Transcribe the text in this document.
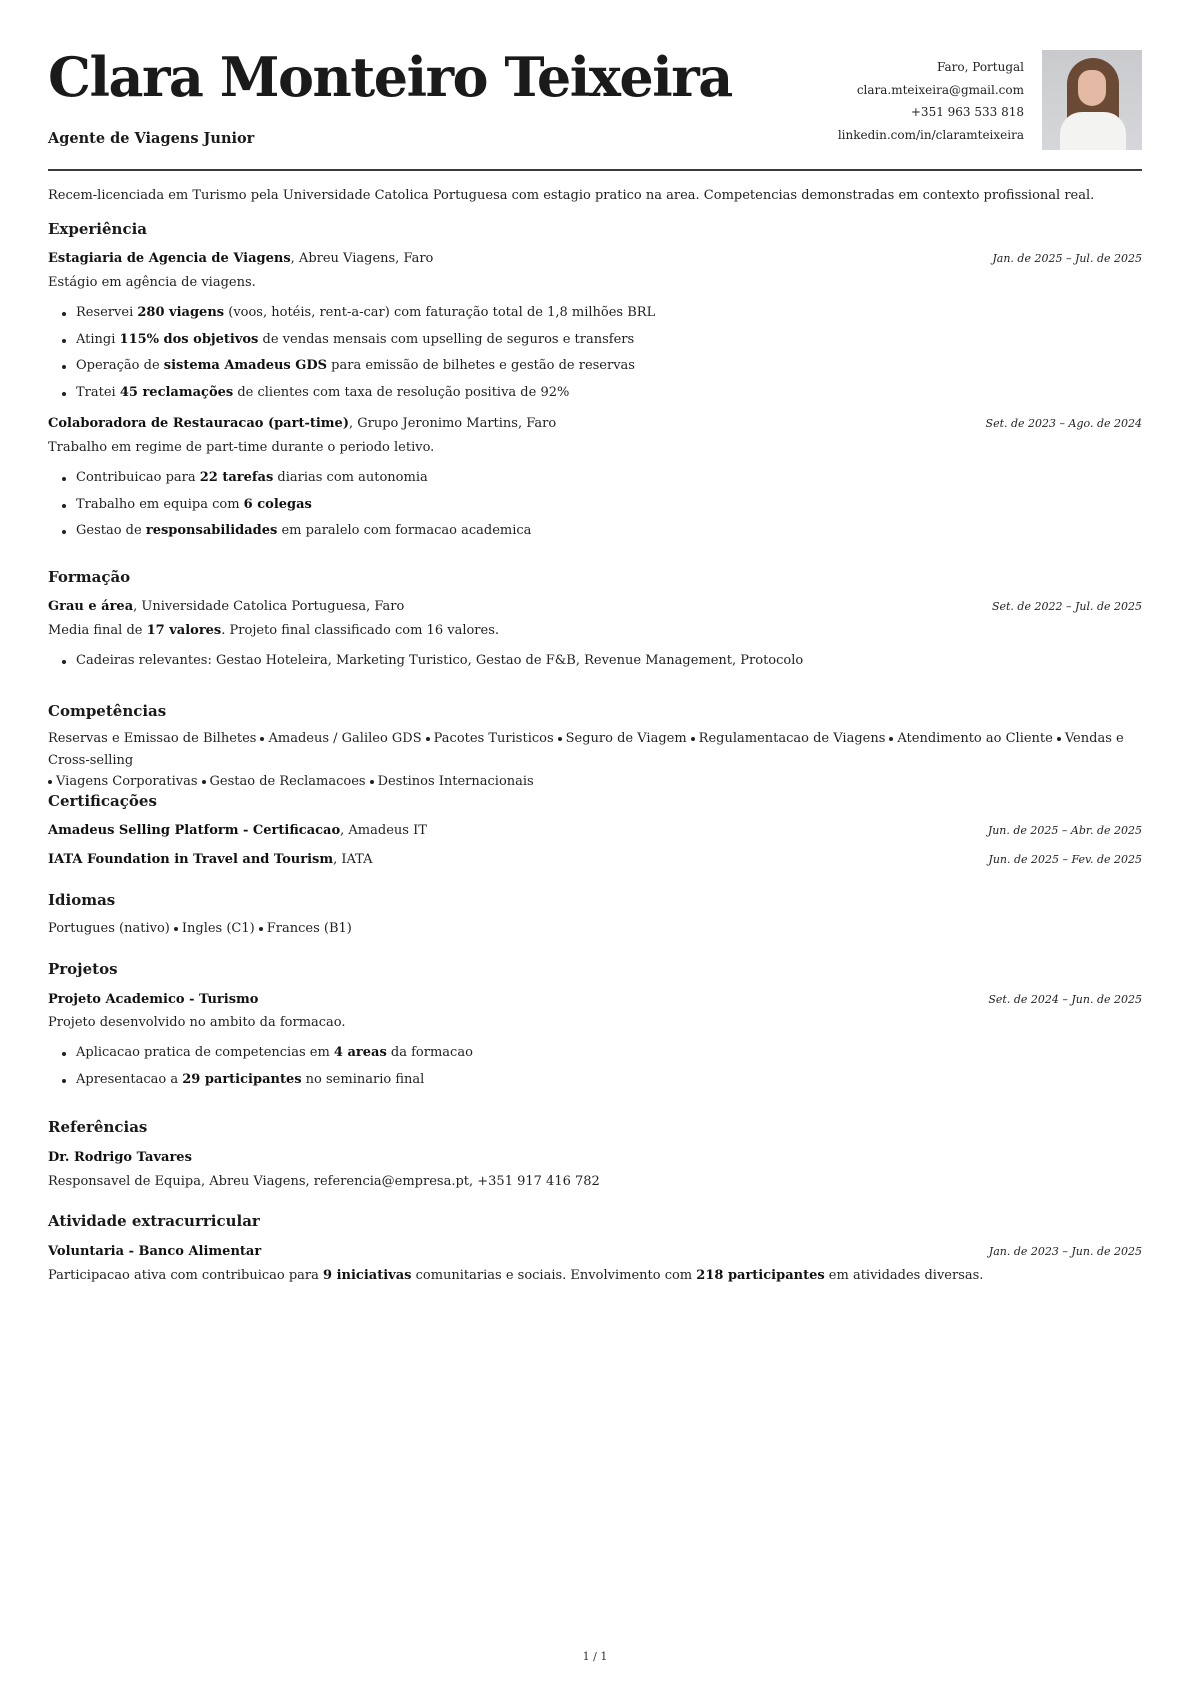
Clara Monteiro Teixeira
Agente de Viagens Junior
Faro, Portugal
clara.mteixeira@gmail.com
+351 963 533 818
linkedin.com/in/claramteixeira
Recem-licenciada em Turismo pela Universidade Catolica Portuguesa com estagio pratico na area. Competencias demonstradas em contexto profissional real.
Experiência
Estagiaria de Agencia de Viagens, Abreu Viagens, Faro	Jan. de 2025 – Jul. de 2025
Estágio em agência de viagens.
Reservei 280 viagens (voos, hotéis, rent-a-car) com faturação total de 1,8 milhões BRL
Atingi 115% dos objetivos de vendas mensais com upselling de seguros e transfers
Operação de sistema Amadeus GDS para emissão de bilhetes e gestão de reservas
Tratei 45 reclamações de clientes com taxa de resolução positiva de 92%
Colaboradora de Restauracao (part-time), Grupo Jeronimo Martins, Faro	Set. de 2023 – Ago. de 2024
Trabalho em regime de part-time durante o periodo letivo.
Contribuicao para 22 tarefas diarias com autonomia
Trabalho em equipa com 6 colegas
Gestao de responsabilidades em paralelo com formacao academica
Formação
Grau e área, Universidade Catolica Portuguesa, Faro	Set. de 2022 – Jul. de 2025
Media final de 17 valores. Projeto final classificado com 16 valores.
Cadeiras relevantes: Gestao Hoteleira, Marketing Turistico, Gestao de F&B, Revenue Management, Protocolo
Competências
Reservas e Emissao de Bilhetes Amadeus / Galileo GDS Pacotes Turisticos Seguro de Viagem Regulamentacao de Viagens Atendimento ao Cliente Vendas e Cross-selling
Viagens Corporativas Gestao de Reclamacoes Destinos Internacionais
Certificações
Amadeus Selling Platform - Certificacao, Amadeus IT	Jun. de 2025 – Abr. de 2025
IATA Foundation in Travel and Tourism, IATA	Jun. de 2025 – Fev. de 2025
Idiomas
Portugues (nativo) Ingles (C1) Frances (B1)
Projetos
Projeto Academico - Turismo	Set. de 2024 – Jun. de 2025
Projeto desenvolvido no ambito da formacao.
Aplicacao pratica de competencias em 4 areas da formacao
Apresentacao a 29 participantes no seminario final
Referências
Dr. Rodrigo Tavares
Responsavel de Equipa, Abreu Viagens, referencia@empresa.pt, +351 917 416 782
Atividade extracurricular
Voluntaria - Banco Alimentar	Jan. de 2023 – Jun. de 2025
Participacao ativa com contribuicao para 9 iniciativas comunitarias e sociais. Envolvimento com 218 participantes em atividades diversas.
1 / 1
